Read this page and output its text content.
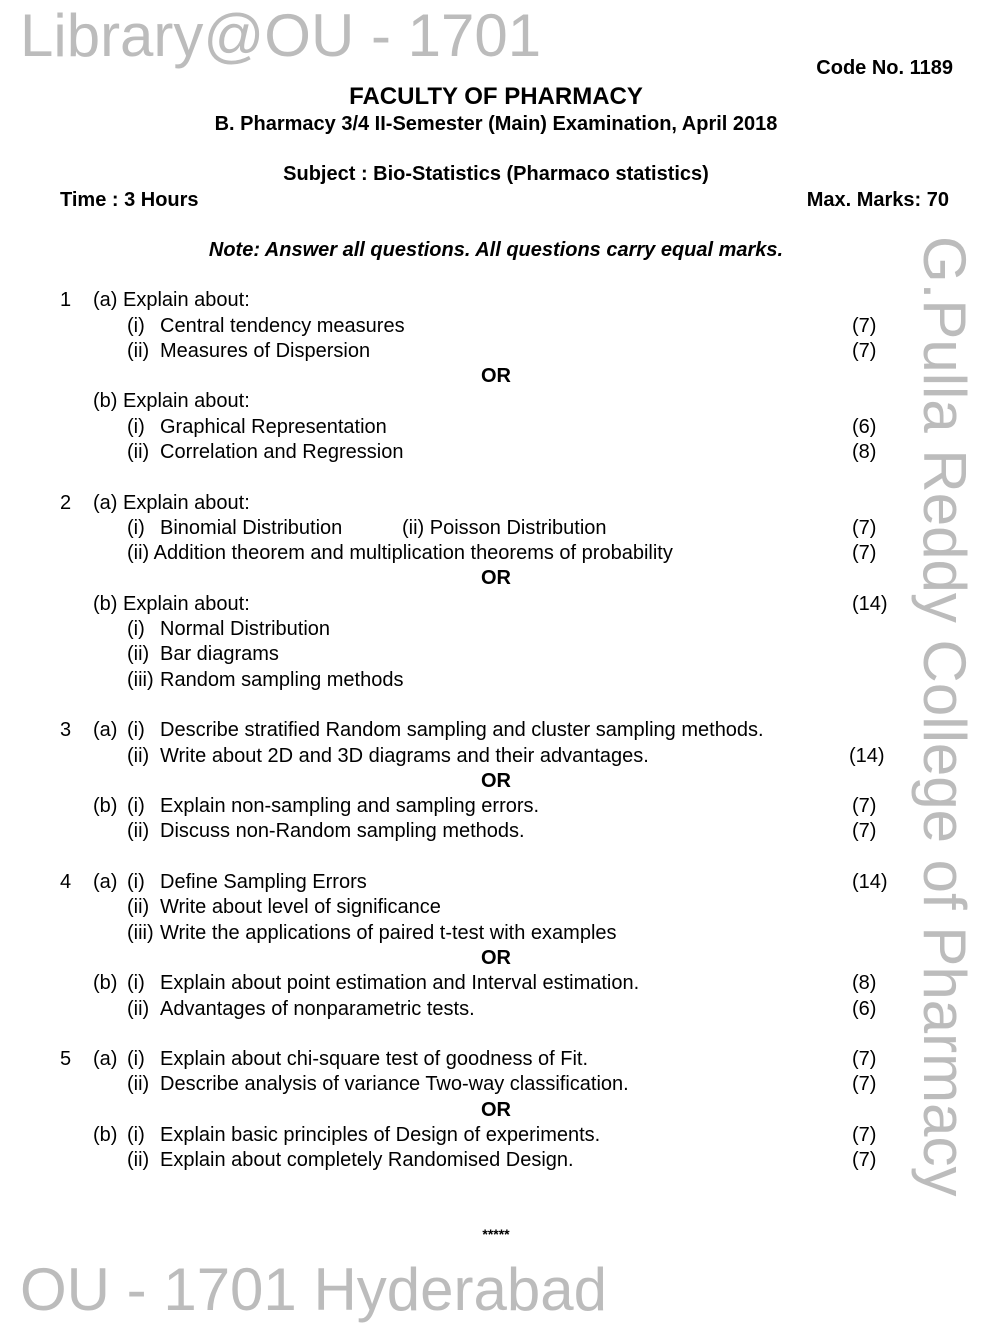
Code No. 1189
FACULTY OF PHARMACY
B. Pharmacy 3/4 II-Semester (Main) Examination, April 2018
Subject : Bio-Statistics (Pharmaco statistics)
Time : 3 Hours	Max. Marks: 70
Note: Answer all questions. All questions carry equal marks.
1 (a) Explain about:
(i) Central tendency measures	(7)
(ii) Measures of Dispersion	(7)
OR
(b) Explain about:
(i) Graphical Representation	(6)
(ii) Correlation and Regression	(8)
2 (a) Explain about:
(i) Binomial Distribution	(ii) Poisson Distribution	(7)
(ii) Addition theorem and multiplication theorems of probability	(7)
OR
(b) Explain about:	(14)
(i) Normal Distribution
(ii) Bar diagrams
(iii) Random sampling methods
3 (a) (i) Describe stratified Random sampling and cluster sampling methods.
(ii) Write about 2D and 3D diagrams and their advantages.	(14)
OR
(b) (i) Explain non-sampling and sampling errors.	(7)
(ii) Discuss non-Random sampling methods.	(7)
4 (a) (i) Define Sampling Errors	(14)
(ii) Write about level of significance
(iii) Write the applications of paired t-test with examples
OR
(b) (i) Explain about point estimation and Interval estimation.	(8)
(ii) Advantages of nonparametric tests.	(6)
5 (a) (i) Explain about chi-square test of goodness of Fit.	(7)
(ii) Describe analysis of variance Two-way classification.	(7)
OR
(b) (i) Explain basic principles of Design of experiments.	(7)
(ii) Explain about completely Randomised Design.	(7)
*****
Library@OU - 1701
G.Pulla Reddy College of Pharmacy
OU - 1701 Hyderabad
